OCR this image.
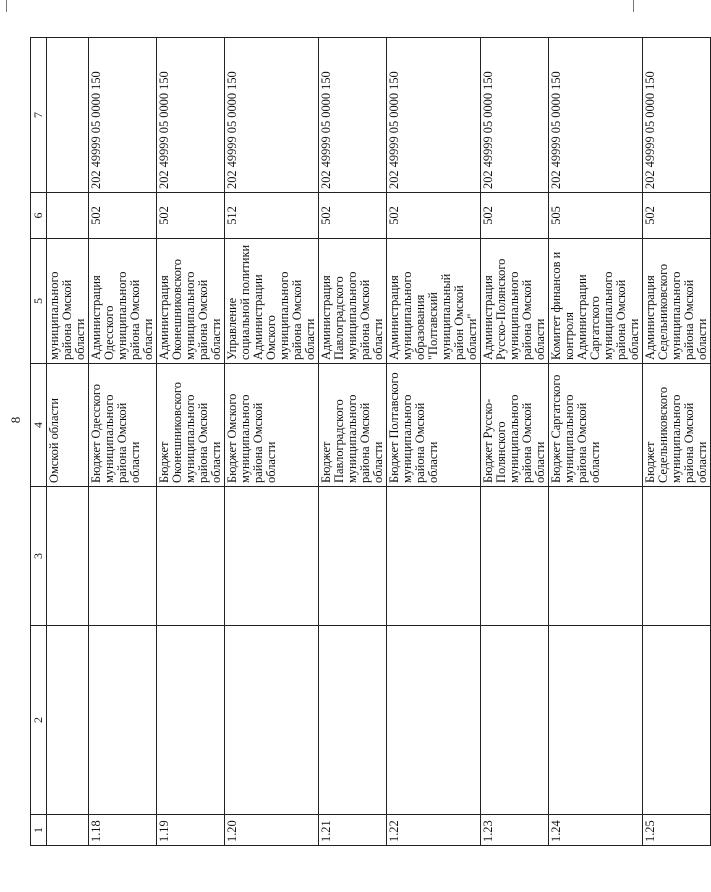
8
1	2	3	4	5	6	7
			Омской области	муниципального района Омской области		
1.18			Бюджет Одесского муниципального района Омской области	Администрация Одесского муниципального района Омской области	502	202 49999 05 0000 150
1.19			Бюджет Оконешниковского муниципального района Омской области	Администрация Оконешниковского муниципального района Омской области	502	202 49999 05 0000 150
1.20			Бюджет Омского муниципального района Омской области	Управление социальной политики Администрации Омского муниципального района Омской области	512	202 49999 05 0000 150
1.21			Бюджет Павлоградского муниципального района Омской области	Администрация Павлоградского муниципального района Омской области	502	202 49999 05 0000 150
1.22			Бюджет Полтавского муниципального района Омской области	Администрация муниципального образования "Полтавский муниципальный район Омской области"	502	202 49999 05 0000 150
1.23			Бюджет Русско-Полянского муниципального района Омской области	Администрация Русско-Полянского муниципального района Омской области	502	202 49999 05 0000 150
1.24			Бюджет Саргатского муниципального района Омской области	Комитет финансов и контроля Администрации Саргатского муниципального района Омской области	505	202 49999 05 0000 150
1.25			Бюджет Седельниковского муниципального района Омской области	Администрация Седельниковского муниципального района Омской области	502	202 49999 05 0000 150
